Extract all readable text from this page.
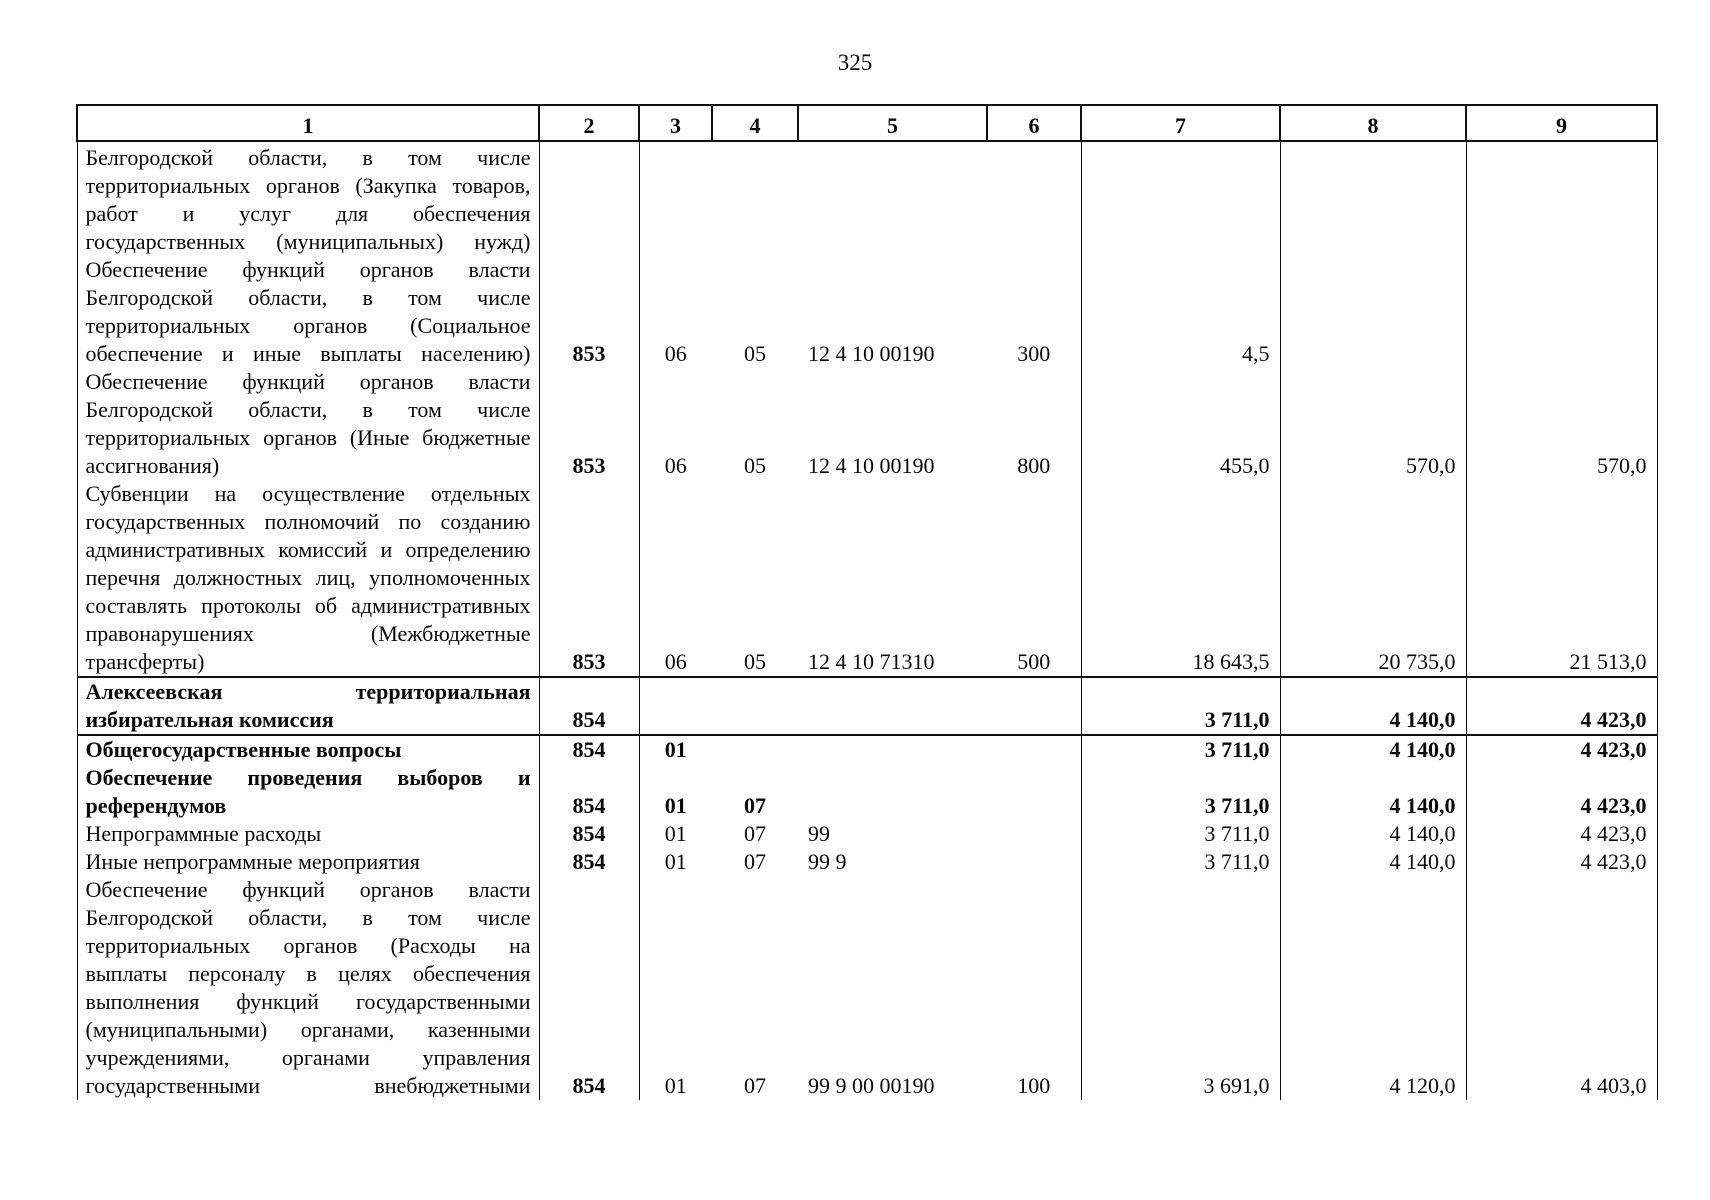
325
1	2	3	4	5	6	7	8	9
Белгородской области, в том числе территориальных органов (Закупка товаров, работ и услуг для обеспечения государственных (муниципальных) нужд)								
Обеспечение функций органов власти Белгородской области, в том числе территориальных органов (Социальное обеспечение и иные выплаты населению)	853	06	05	12 4 10 00190	300	4,5		
Обеспечение функций органов власти Белгородской области, в том числе территориальных органов (Иные бюджетные ассигнования)	853	06	05	12 4 10 00190	800	455,0	570,0	570,0
Субвенции на осуществление отдельных государственных полномочий по созданию административных комиссий и определению перечня должностных лиц, уполномоченных составлять протоколы об административных правонарушениях (Межбюджетные трансферты)	853	06	05	12 4 10 71310	500	18 643,5	20 735,0	21 513,0
Алексеевская территориальная избирательная комиссия	854					3 711,0	4 140,0	4 423,0
Общегосударственные вопросы	854	01				3 711,0	4 140,0	4 423,0
Обеспечение проведения выборов и референдумов	854	01	07			3 711,0	4 140,0	4 423,0
Непрограммные расходы	854	01	07	99		3 711,0	4 140,0	4 423,0
Иные непрограммные мероприятия	854	01	07	99 9		3 711,0	4 140,0	4 423,0
Обеспечение функций органов власти Белгородской области, в том числе территориальных органов (Расходы на выплаты персоналу в целях обеспечения выполнения функций государственными (муниципальными) органами, казенными учреждениями, органами управления государственными внебюджетными	854	01	07	99 9 00 00190	100	3 691,0	4 120,0	4 403,0
